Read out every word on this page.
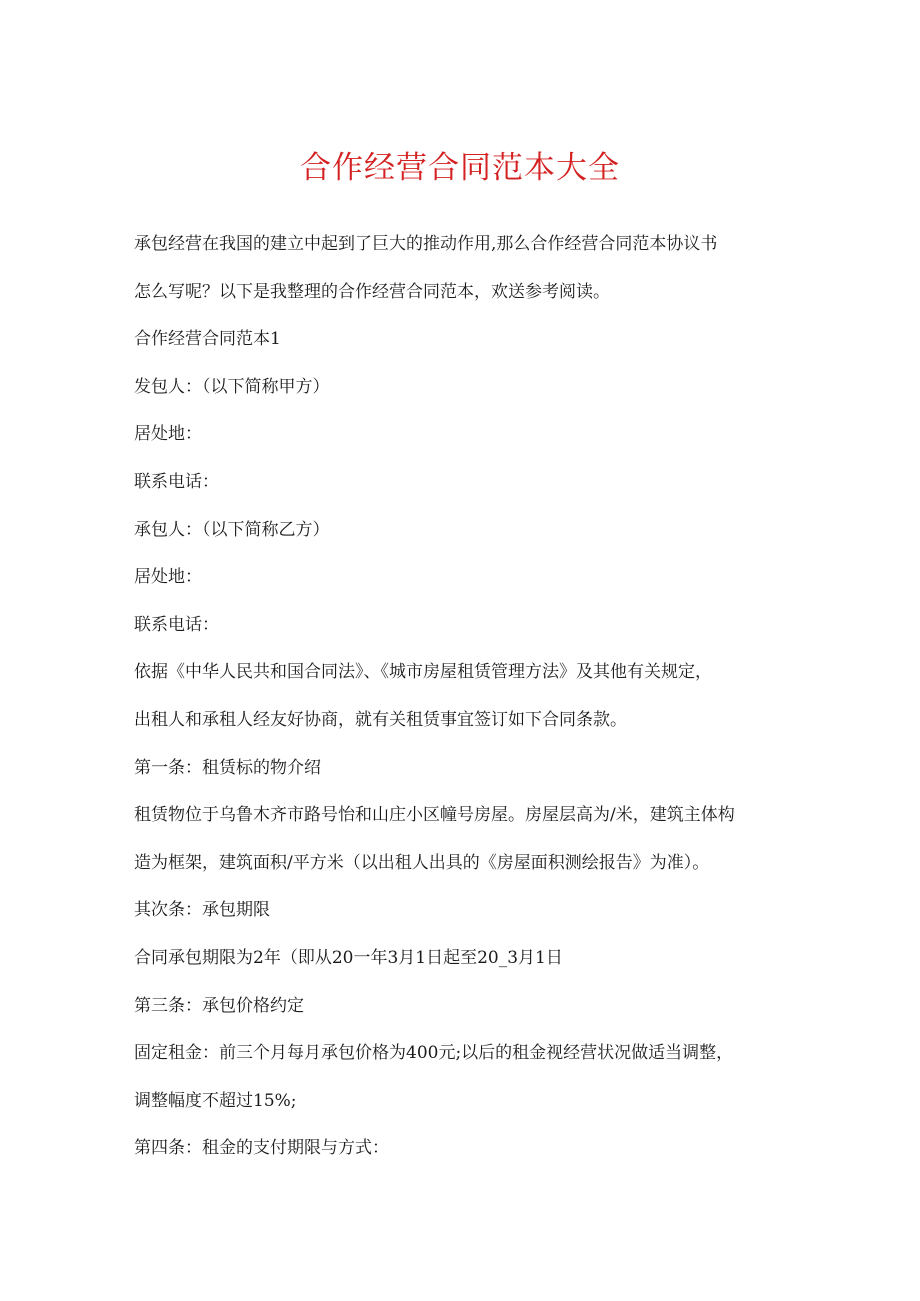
合作经营合同范本大全
承包经营在我国的建立中起到了巨大的推动作用,那么合作经营合同范本协议书
怎么写呢？以下是我整理的合作经营合同范本，欢送参考阅读。
合作经营合同范本1
发包人：（以下简称甲方）
居处地：
联系电话：
承包人：（以下简称乙方）
居处地：
联系电话：
依据《中华人民共和国合同法》、《城市房屋租赁管理方法》及其他有关规定，
出租人和承租人经友好协商，就有关租赁事宜签订如下合同条款。
第一条：租赁标的物介绍
租赁物位于乌鲁木齐市路号怡和山庄小区幢号房屋。房屋层高为/米，建筑主体构
造为框架，建筑面积/平方米（以出租人出具的《房屋面积测绘报告》为准）。
其次条：承包期限
合同承包期限为2年（即从20一年3月1日起至20_3月1日
第三条：承包价格约定
固定租金：前三个月每月承包价格为400元;以后的租金视经营状况做适当调整，
调整幅度不超过15%;
第四条：租金的支付期限与方式：
